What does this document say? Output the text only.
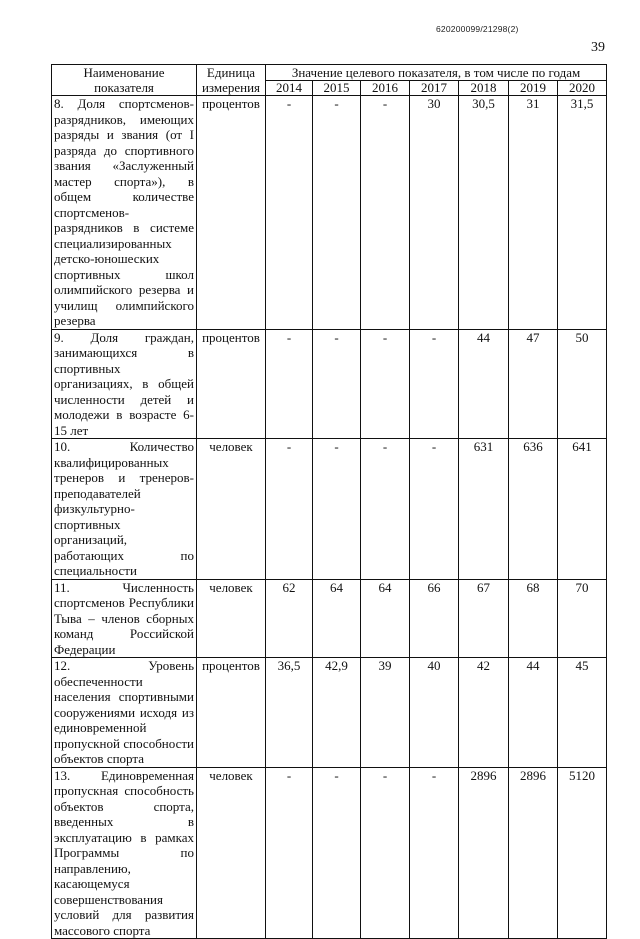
620200099/21298(2)
39
Наименование показателя	Единица измерения	Значение целевого показателя, в том числе по годам						
		2014	2015	2016	2017	2018	2019	2020
8. Доля спортсменов-разрядников, имеющих разряды и звания (от I разряда до спортивного звания «Заслуженный мастер спорта»), в общем количестве спортсменов-разрядников в системе специализированных детско-юношеских спортивных школ олимпийского резерва и училищ олимпийского резерва	процентов	-	-	-	30	30,5	31	31,5
9. Доля граждан, занимающихся в спортивных организациях, в общей численности детей и молодежи в возрасте 6-15 лет	процентов	-	-	-	-	44	47	50
10. Количество квалифицированных тренеров и тренеров-преподавателей физкультурно-спортивных организаций, работающих по специальности	человек	-	-	-	-	631	636	641
11. Численность спортсменов Республики Тыва – членов сборных команд Российской Федерации	человек	62	64	64	66	67	68	70
12. Уровень обеспеченности населения спортивными сооружениями исходя из единовременной пропускной способности объектов спорта	процентов	36,5	42,9	39	40	42	44	45
13. Единовременная пропускная способность объектов спорта, введенных в эксплуатацию в рамках Программы по направлению, касающемуся совершенствования условий для развития массового спорта	человек	-	-	-	-	2896	2896	5120
